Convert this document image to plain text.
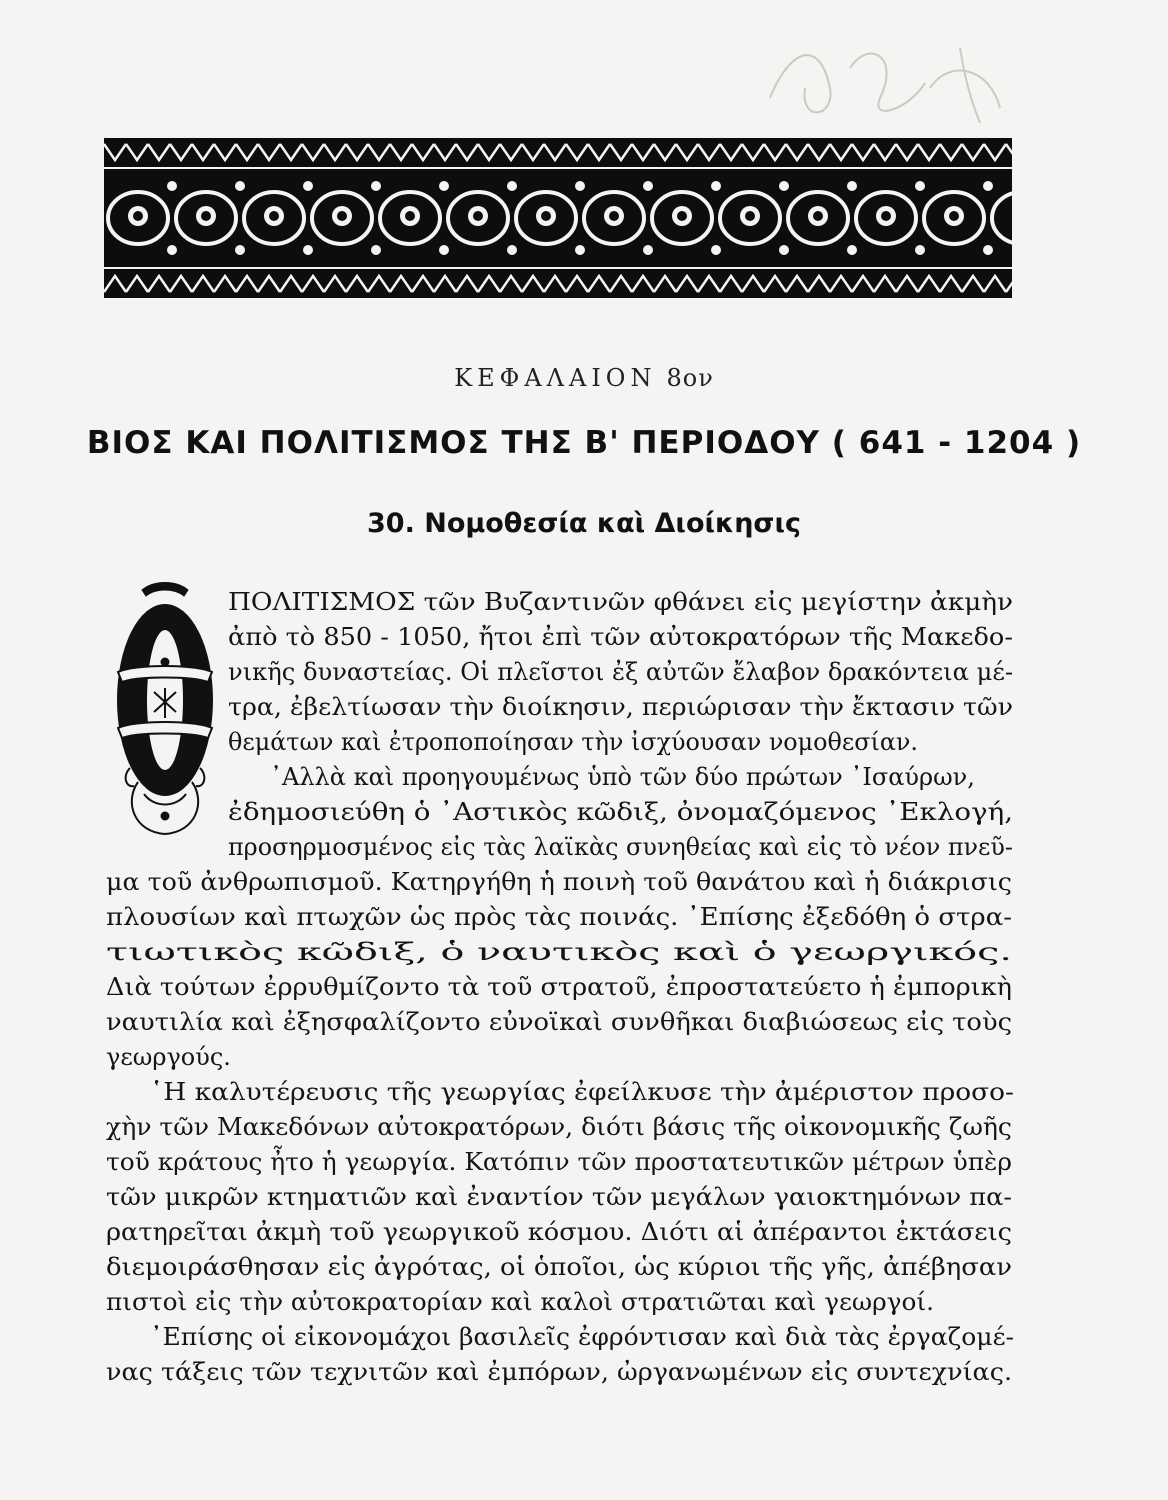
ΚΕΦΑΛΑΙΟΝ 8ον
ΒΙΟΣ ΚΑΙ ΠΟΛΙΤΙΣΜΟΣ ΤΗΣ Β' ΠΕΡΙΟΔΟΥ ( 641 - 1204 )
30. Νομοθεσία καὶ Διοίκησις
ΠΟΛΙΤΙΣΜΟΣ τῶν Βυζαντινῶν φθάνει εἰς μεγίστην ἀκμὴν
ἀπὸ τὸ 850 - 1050, ἤτοι ἐπὶ τῶν αὐτοκρατόρων τῆς Μακεδο-
νικῆς δυναστείας. Οἱ πλεῖστοι ἐξ αὐτῶν ἔλαβον δρακόντεια μέ-
τρα, ἐβελτίωσαν τὴν διοίκησιν, περιώρισαν τὴν ἔκτασιν τῶν
θεμάτων καὶ ἐτροποποίησαν τὴν ἰσχύουσαν νομοθεσίαν.
᾿Αλλὰ καὶ προηγουμένως ὑπὸ τῶν δύο πρώτων ᾿Ισαύρων,
ἐδημοσιεύθη ὁ ᾿Αστικὸς κῶδιξ, ὀνομαζόμενος ᾿Εκλογή,
προσηρμοσμένος εἰς τὰς λαϊκὰς συνηθείας καὶ εἰς τὸ νέον πνεῦ-
μα τοῦ ἀνθρωπισμοῦ. Κατηργήθη ἡ ποινὴ τοῦ θανάτου καὶ ἡ διάκρισις
πλουσίων καὶ πτωχῶν ὡς πρὸς τὰς ποινάς. ᾿Επίσης ἐξεδόθη ὁ στρα-
τιωτικὸς κῶδιξ, ὁ ναυτικὸς καὶ ὁ γεωργικός.
Διὰ τούτων ἐρρυθμίζοντο τὰ τοῦ στρατοῦ, ἐπροστατεύετο ἡ ἐμπορικὴ
ναυτιλία καὶ ἐξησφαλίζοντο εὐνοϊκαὶ συνθῆκαι διαβιώσεως εἰς τοὺς
γεωργούς.
῾Η καλυτέρευσις τῆς γεωργίας ἐφείλκυσε τὴν ἀμέριστον προσο-
χὴν τῶν Μακεδόνων αὐτοκρατόρων, διότι βάσις τῆς οἰκονομικῆς ζωῆς
τοῦ κράτους ἦτο ἡ γεωργία. Κατόπιν τῶν προστατευτικῶν μέτρων ὑπὲρ
τῶν μικρῶν κτηματιῶν καὶ ἐναντίον τῶν μεγάλων γαιοκτημόνων πα-
ρατηρεῖται ἀκμὴ τοῦ γεωργικοῦ κόσμου. Διότι αἱ ἀπέραντοι ἐκτάσεις
διεμοιράσθησαν εἰς ἀγρότας, οἱ ὁποῖοι, ὡς κύριοι τῆς γῆς, ἀπέβησαν
πιστοὶ εἰς τὴν αὐτοκρατορίαν καὶ καλοὶ στρατιῶται καὶ γεωργοί.
᾿Επίσης οἱ εἰκονομάχοι βασιλεῖς ἐφρόντισαν καὶ διὰ τὰς ἐργαζομέ-
νας τάξεις τῶν τεχνιτῶν καὶ ἐμπόρων, ὠργανωμένων εἰς συντεχνίας.
